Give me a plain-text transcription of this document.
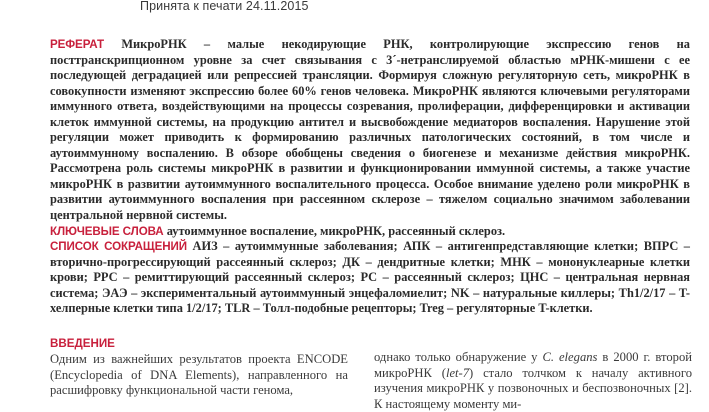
Принята к печати 24.11.2015

РЕФЕРАТ МикроРНК – малые некодирующие РНК, контролирующие экспрессию генов на посттранскрипционном уровне за счет связывания с 3´-нетранслируемой областью мРНК-мишени с ее последующей деградацией или репрессией трансляции. Формируя сложную регуляторную сеть, микроРНК в совокупности изменяют экспрессию более 60% генов человека. МикроРНК являются ключевыми регуляторами иммунного ответа, воздействующими на процессы созревания, пролиферации, дифференцировки и активации клеток иммунной системы, на продукцию антител и высвобождение медиаторов воспаления. Нарушение этой регуляции может приводить к формированию различных патологических состояний, в том числе и аутоиммунному воспалению. В обзоре обобщены сведения о биогенезе и механизме действия микроРНК. Рассмотрена роль системы микроРНК в развитии и функционировании иммунной системы, а также участие микроРНК в развитии аутоиммунного воспалительного процесса. Особое внимание уделено роли микроРНК в развитии аутоиммунного воспаления при рассеянном склерозе – тяжелом социально значимом заболевании центральной нервной системы.

КЛЮЧЕВЫЕ СЛОВА аутоиммунное воспаление, микроРНК, рассеянный склероз.

СПИСОК СОКРАЩЕНИЙ АИЗ – аутоиммунные заболевания; АПК – антигенпредставляющие клетки; ВПРС – вторично-прогрессирующий рассеянный склероз; ДК – дендритные клетки; МНК – мононуклеарные клетки крови; РРС – ремиттирующий рассеянный склероз; РС – рассеянный склероз; ЦНС – центральная нервная система; ЭАЭ – экспериментальный аутоиммунный энцефаломиелит; NK – натуральные киллеры; Th1/2/17 – T-хелперные клетки типа 1/2/17; TLR – Толл-подобные рецепторы; Treg – регуляторные T-клетки.

ВВЕДЕНИЕ

Одним из важнейших результатов проекта ENCODE (Encyclopedia of DNA Elements), направленного на расшифровку функциональной части генома,

однако только обнаружение у C. elegans в 2000 г. второй микроРНК (let-7) стало толчком к началу активного изучения микроРНК у позвоночных и беспозвоночных [2]. К настоящему моменту ми-
